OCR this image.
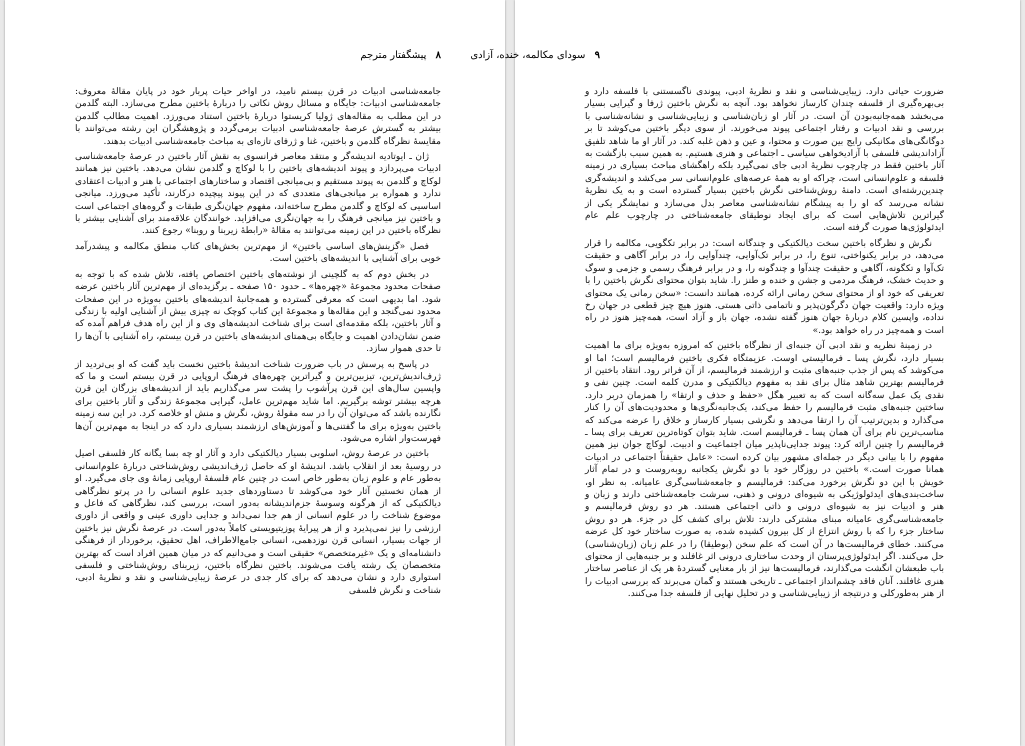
۸ پیشگفتار مترجم

جامعه‌شناسی ادبیات در قرن بیستم نامید، در اواخر حیات پربار خود در پایان مقالهٔ معروف: جامعه‌شناسی ادبیات: جایگاه و مسائل روش نکاتی را دربارهٔ باختین مطرح می‌سازد. البته گلدمن در این مطلب به مقاله‌های ژولیا کریستوا دربارهٔ باختین استناد می‌ورزد. اهمیت مطالب گلدمن بیشتر به گسترش عرصهٔ جامعه‌شناسی ادبیات برمی‌گردد و پژوهشگران این رشته می‌توانند با مقایسهٔ نظرگاه گلدمن و باختین، غنا و ژرفای تازه‌ای به مباحث جامعه‌شناسی ادبیات بدهند.

ژان ـ ایوتادیه اندیشه‌گر و منتقد معاصر فرانسوی به نقش آثار باختین در عرصهٔ جامعه‌شناسی ادبیات می‌پردازد و پیوند اندیشه‌های باختین را با لوکاچ و گلدمن نشان می‌دهد. باختین نیز همانند لوکاچ و گلدمن به پیوند مستقیم و بی‌میانجی اقتصاد و ساختارهای اجتماعی با هنر و ادبیات اعتقادی ندارد و همواره بر میانجی‌های متعددی که در این پیوند پیچیده درکارند، تأکید می‌ورزد. میانجی اساسیی که لوکاچ و گلدمن مطرح ساخته‌اند، مفهوم جهان‌نگری طبقات و گروه‌های اجتماعی است و باختین نیز میانجی فرهنگ را به جهان‌نگری می‌افزاید. خوانندگان علاقه‌مند برای آشنایی بیشتر با نظرگاه باختین در این زمینه می‌توانند به مقالهٔ «رابطهٔ زیربنا و روبنا» رجوع کنند.

فصل «گزینش‌های اساسی باختین» از مهم‌ترین بخش‌های کتاب منطق مکالمه و پیشدرآمد خوبی برای آشنایی با اندیشه‌های باختین است.

در بخش دوم که به گلچینی از نوشته‌های باختین اختصاص یافته، تلاش شده که با توجه به صفحات محدود مجموعهٔ «چهره‌ها» ـ حدود ۱۵۰ صفحه ـ برگزیده‌ای از مهم‌ترین آثار باختین عرضه شود. اما بدیهی است که معرفی گسترده و همه‌جانبهٔ اندیشه‌های باختین به‌ویژه در این صفحات محدود نمی‌گنجد و این مقاله‌ها و مجموعهٔ این کتاب کوچک نه چیزی بیش از آشنایی اولیه با زندگی و آثار باختین، بلکه مقدمه‌ای است برای شناخت اندیشه‌های وی و از این راه هدف فراهم آمده که ضمن نشان‌دادن اهمیت و جایگاه بی‌همتای اندیشه‌های باختین در قرن بیستم، راه آشنایی با آن‌ها را تا حدی هموار سازد.

در پاسخ به پرسش در باب ضرورت شناخت اندیشهٔ باختین نخست باید گفت که او بی‌تردید از ژرف‌اندیش‌ترین، تیزبین‌ترین و گیراترین چهره‌های فرهنگ اروپایی در قرن بیستم است و ما که واپسین سال‌های این قرن پرآشوب را پشت سر می‌گذاریم باید از اندیشه‌های بزرگان این قرن هرچه بیشتر توشه برگیریم. اما شاید مهم‌ترین عامل، گیرایی مجموعهٔ زندگی و آثار باختین برای نگارنده باشد که می‌توان آن را در سه مقولهٔ روش، نگرش و منش او خلاصه کرد. در این سه زمینه باختین به‌ویژه برای ما گفتنی‌ها و آموزش‌های ارزشمند بسیاری دارد که در اینجا به مهم‌ترین آن‌ها فهرست‌وار اشاره می‌شود.

باختین در عرصهٔ روش، اسلوبی بسیار دیالکتیکی دارد و آثار او چه بسا یگانه کار فلسفی اصیل در روسیهٔ بعد از انقلاب باشد. اندیشهٔ او که حاصل ژرف‌اندیشی روش‌شناختی دربارهٔ علوم‌انسانی به‌طور عام و علوم زبان به‌طور خاص است در چنین عام فلسفهٔ اروپایی زمانهٔ وی جای می‌گیرد. او از همان نخستین آثار خود می‌کوشد تا دستاوردهای جدید علوم انسانی را در پرتو نظرگاهی دیالکتیکی که از هرگونه وسوسهٔ جزم‌اندیشانه به‌دور است، بررسی کند، نظرگاهی که فاعل و موضوع شناخت را در علوم انسانی از هم جدا نمی‌داند و جدایی داوری عینی و واقعی از داوری ارزشی را نیز نمی‌پذیرد و از هر پیرایهٔ پوزیتیویستی کاملاً به‌دور است. در عرصهٔ نگرش نیز باختین از جهات بسیار، انسانی قرن نوزدهمی، انسانی جامع‌الاطراف، اهل تحقیق، برخوردار از فرهنگی دانشنامه‌ای و یک «غیرمتخصص» حقیقی است و می‌دانیم که در میان همین افراد است که بهترین متخصصان یک رشته یافت می‌شوند. باختین نظرگاه باختین، زیربنای روش‌شناختی و فلسفی استواری دارد و نشان می‌دهد که برای کار جدی در عرصهٔ زیبایی‌شناسی و نقد و نظریهٔ ادبی، شناخت و نگرش فلسفی

۹ سودای مکالمه، خنده، آزادی

ضرورت حیاتی دارد. زیبایی‌شناسی و نقد و نظریهٔ ادبی، پیوندی ناگسستنی با فلسفه دارد و بی‌بهره‌گیری از فلسفه چندان کارساز نخواهد بود. آنچه به نگرش باختین ژرفا و گیرایی بسیار می‌بخشد همه‌جانبه‌بودن آن است. در آثار او زبان‌شناسی و زیبایی‌شناسی و نشانه‌شناسی با بررسی و نقد ادبیات و رفتار اجتماعی پیوند می‌خورند. از سوی دیگر باختین می‌کوشد تا بر دوگانگی‌های مکانیکی رایج بین صورت و محتوا، و عین و ذهن غلبه کند. در آثار او ما شاهد تلفیق آزاداندیشی فلسفی با آزادیخواهی سیاسی ـ اجتماعی و هنری هستیم. به همین سبب بازگشت به آثار باختین فقط در چارچوب نظریهٔ ادبی جای نمی‌گیرد بلکه راهگشای مباحث بسیاری در زمینه فلسفه و علوم‌انسانی است، چراکه او به همهٔ عرصه‌های علوم‌انسانی سر می‌کشد و اندیشه‌گری چندین‌رشته‌ای است. دامنهٔ روش‌شناختی نگرش باختین بسیار گسترده است و به یک نظریهٔ نشانه می‌رسد که او را به پیشگام نشانه‌شناسی معاصر بدل می‌سازد و نمایشگر یکی از گیراترین تلاش‌هایی است که برای ایجاد نوطیقای جامعه‌شناختی در چارچوب علم عام ایدئولوژی‌ها صورت گرفته است.

نگرش و نظرگاه باختین سخت دیالکتیکی و چندگانه است: در برابر تکگویی، مکالمه را قرار می‌دهد، در برابر یکنواختی، تنوع را، در برابر تک‌آوایی، چندآوایی را، در برابر آگاهی و حقیقت تک‌آوا و تکگونه، آگاهی و حقیقت چندآوا و چندگونه را، و در برابر فرهنگ رسمی و جزمی و سوگ و حدیث خشک، فرهنگ مردمی و جشن و خنده و طنز را. شاید بتوان محتوای نگرش باختین را با تعریفی که خود او از محتوای سخن رمانی ارائه کرده، همانند دانست: «سخن رمانی یک محتوای ویژه دارد: واقعیت جهان دگرگون‌پذیر و ناتمامی ذاتی هستی. هنوز هیچ چیز قطعی در جهان رخ نداده، واپسین کلام دربارهٔ جهان هنوز گفته نشده، جهان باز و آزاد است، همه‌چیز هنوز در راه است و همه‌چیز در راه خواهد بود.»

در زمینهٔ نظریه و نقد ادبی آن جنبه‌ای از نظرگاه باختین که امروزه به‌ویژه برای ما اهمیت بسیار دارد، نگرش پسا ـ فرمالیستی اوست. عزیمتگاه فکری باختین فرمالیسم است؛ اما او می‌کوشد که پس از جذب جنبه‌های مثبت و ارزشمند فرمالیسم، از آن فراتر رود. انتقاد باختین از فرمالیسم بهترین شاهد مثال برای نقد به مفهوم دیالکتیکی و مدرن کلمه است. چنین نفی و نقدی یک عمل سه‌گانه است که به تعبیر هگل «حفظ و حذف و ارتقا» را همزمان دربر دارد. ساختین جنبه‌های مثبت فرمالیسم را حفظ می‌کند، یک‌جانبه‌نگری‌ها و محدودیت‌های آن را کنار می‌گذارد و بدین‌ترتیب آن را ارتقا می‌دهد و نگرشی بسیار کارساز و خلاق را عرضه می‌کند که مناسب‌ترین نام برای آن همان پسا ـ فرمالیسم است. شاید بتوان کوتاه‌ترین تعریف برای پسا ـ فرمالیسم را چنین ارائه کرد: پیوند جدایی‌ناپذیر میان اجتماعیت و ادبیت. لوکاچ جوان نیز همین مفهوم را با بیانی دیگر در جمله‌ای مشهور بیان کرده است: «عامل حقیقتاً اجتماعی در ادبیات همانا صورت است.» باختین در روزگار خود با دو نگرش یکجانبه روبه‌روست و در تمام آثار خویش با این دو نگرش برخورد می‌کند: فرمالیسم و جامعه‌شناسی‌گری عامیانه. به نظر او، ساخت‌بندی‌های ایدئولوژیکی به شیوه‌ای درونی و ذهنی، سرشت جامعه‌شناختی دارند و زبان و هنر و ادبیات نیز به شیوه‌ای درونی و ذاتی اجتماعی هستند. هر دو روش فرمالیسم و جامعه‌شناسی‌گری عامیانه مبنای مشترکی دارند: تلاش برای کشف کل در جزء. هر دو روش ساختار جزء را که با روش انتزاع از کل بیرون کشیده شده، به صورت ساختار خود کل عرضه می‌کنند. خطای فرمالیست‌ها در آن است که علم سخن (بوطیقا) را در علم زبان (زبان‌شناسی) حل می‌کنند. اگر ایدئولوژی‌پرستان از وحدت ساختاری درونی اثر غافلند و بر جنبه‌هایی از محتوای باب طبعشان انگشت می‌گذارند، فرمالیست‌ها نیز از بار معنایی گستردهٔ هر یک از عناصر ساختار هنری غافلند. آنان فاقد چشم‌انداز اجتماعی ـ تاریخی هستند و گمان می‌برند که بررسی ادبیات را از هنر به‌طورکلی و درنتیجه از زیبایی‌شناسی و در تحلیل نهایی از فلسفه جدا می‌کنند.
